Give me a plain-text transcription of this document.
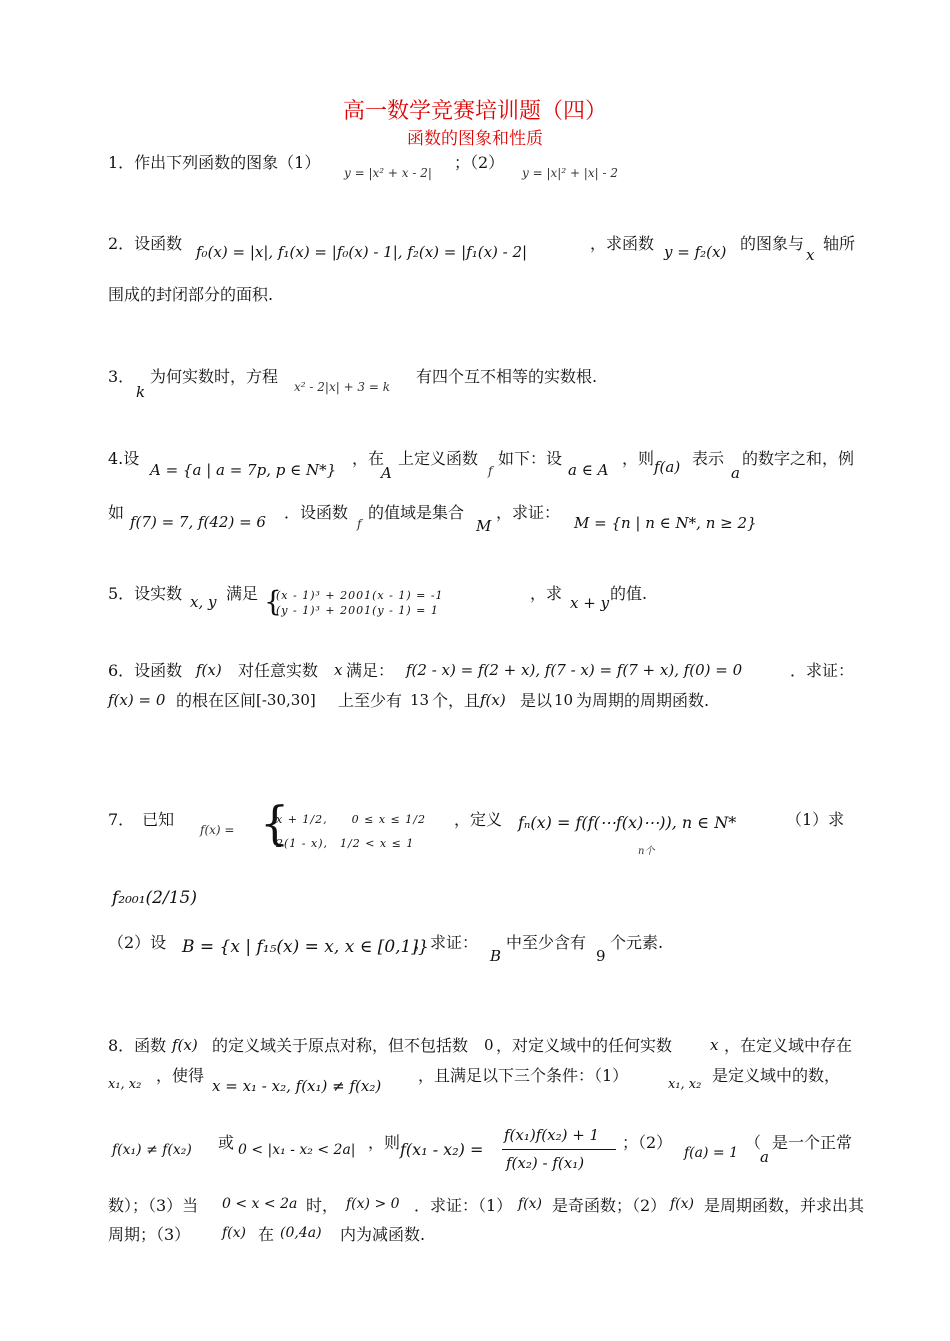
高一数学竞赛培训题（四）
函数的图象和性质
1．作出下列函数的图象（1）
y = |x² + x - 2|
；（2）
y = |x|² + |x| - 2
2．设函数 f₀(x) = |x|, f₁(x) = |f₀(x) - 1|, f₂(x) = |f₁(x) - 2|	，求函数 y = f₂(x) 的图象与
x
轴所
围成的封闭部分的面积.
3．
k
为何实数时，方程
x² - 2|x| + 3 = k
有四个互不相等的实数根.
4.设
A = {a | a = 7p, p ∈ N*}
，在
A
上定义函数
f
如下：设
a ∈ A
，则 f(a) 表示
a
的数字之和，例
如 f(7) = 7, f(42) = 6 ．设函数
f
的值域是集合
M
，求证：
M = {n | n ∈ N*, n ≥ 2}
5．设实数 x, y 满足 {
(x - 1)³ + 2001(x - 1) = -1
(y - 1)³ + 2001(y - 1) = 1
，求 x + y 的值.
6．设函数 f(x) 对任意实数 x 满足： f(2 - x) = f(2 + x), f(7 - x) = f(7 + x), f(0) = 0	．求证：
f(x) = 0 的根在区间 [-30,30] 上至少有 13 个，且 f(x) 是以 10 为周期的周期函数.
7．　已知
f(x) = {
x + 1/2,　　0 ≤ x ≤ 1/2
2(1 - x),　1/2 < x ≤ 1
，定义 fₙ(x) = f(f(⋯f(x)⋯)), n ∈ N*
n个
（1）求
f₂₀₀₁(2/15)
（2）设 B = {x | f₁₅(x) = x, x ∈ [0,1]}
，求证：
B
中至少含有
9
个元素.
8．函数 f(x) 的定义域关于原点对称，但不包括数 0 ，对定义域中的任何实数	x ，在定义域中存在
x₁, x₂ ，使得
x = x₁ - x₂, f(x₁) ≠ f(x₂)
，且满足以下三个条件：（1）	x₁, x₂ 是定义域中的数，
f(x₁) ≠ f(x₂) 或 0 < |x₁ - x₂ < 2a| ，则 f(x₁ - x₂) =
f(x₁)f(x₂) + 1
f(x₂) - f(x₁)
；（2）
f(a) = 1
（
a
是一个正常
数）；（3）当 0 < x < 2a 时， f(x) > 0 ．求证：（1） f(x) 是奇函数；（2） f(x) 是周期函数，并求出其
周期；（3） f(x) 在 (0,4a) 内为减函数.
